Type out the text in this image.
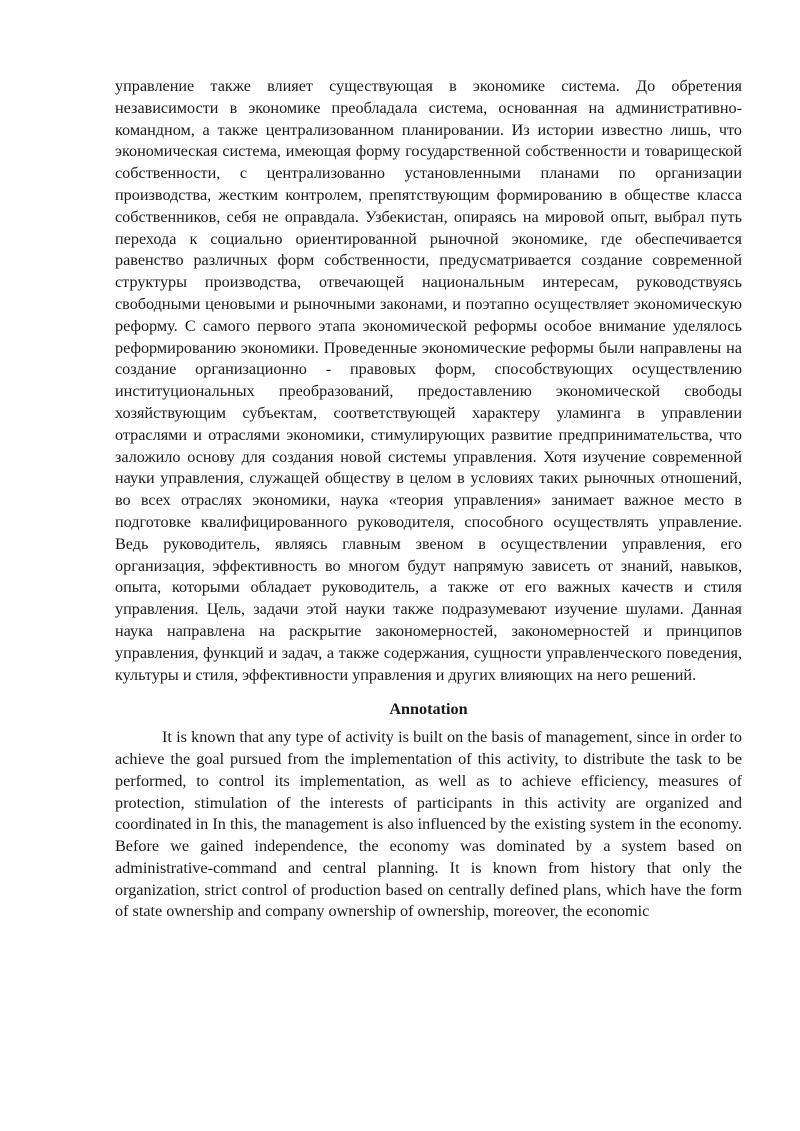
управление также влияет существующая в экономике система. До обретения независимости в экономике преобладала система, основанная на административно-командном, а также централизованном планировании. Из истории известно лишь, что экономическая система, имеющая форму государственной собственности и товарищеской собственности, с централизованно установленными планами по организации производства, жестким контролем, препятствующим формированию в обществе класса собственников, себя не оправдала. Узбекистан, опираясь на мировой опыт, выбрал путь перехода к социально ориентированной рыночной экономике, где обеспечивается равенство различных форм собственности, предусматривается создание современной структуры производства, отвечающей национальным интересам, руководствуясь свободными ценовыми и рыночными законами, и поэтапно осуществляет экономическую реформу. С самого первого этапа экономической реформы особое внимание уделялось реформированию экономики. Проведенные экономические реформы были направлены на создание организационно - правовых форм, способствующих осуществлению институциональных преобразований, предоставлению экономической свободы хозяйствующим субъектам, соответствующей характеру уламинга в управлении отраслями и отраслями экономики, стимулирующих развитие предпринимательства, что заложило основу для создания новой системы управления. Хотя изучение современной науки управления, служащей обществу в целом в условиях таких рыночных отношений, во всех отраслях экономики, наука «теория управления» занимает важное место в подготовке квалифицированного руководителя, способного осуществлять управление. Ведь руководитель, являясь главным звеном в осуществлении управления, его организация, эффективность во многом будут напрямую зависеть от знаний, навыков, опыта, которыми обладает руководитель, а также от его важных качеств и стиля управления. Цель, задачи этой науки также подразумевают изучение шулами. Данная наука направлена на раскрытие закономерностей, закономерностей и принципов управления, функций и задач, а также содержания, сущности управленческого поведения, культуры и стиля, эффективности управления и других влияющих на него решений.

Annotation

It is known that any type of activity is built on the basis of management, since in order to achieve the goal pursued from the implementation of this activity, to distribute the task to be performed, to control its implementation, as well as to achieve efficiency, measures of protection, stimulation of the interests of participants in this activity are organized and coordinated in In this, the management is also influenced by the existing system in the economy. Before we gained independence, the economy was dominated by a system based on administrative-command and central planning. It is known from history that only the organization, strict control of production based on centrally defined plans, which have the form of state ownership and company ownership of ownership, moreover, the economic
